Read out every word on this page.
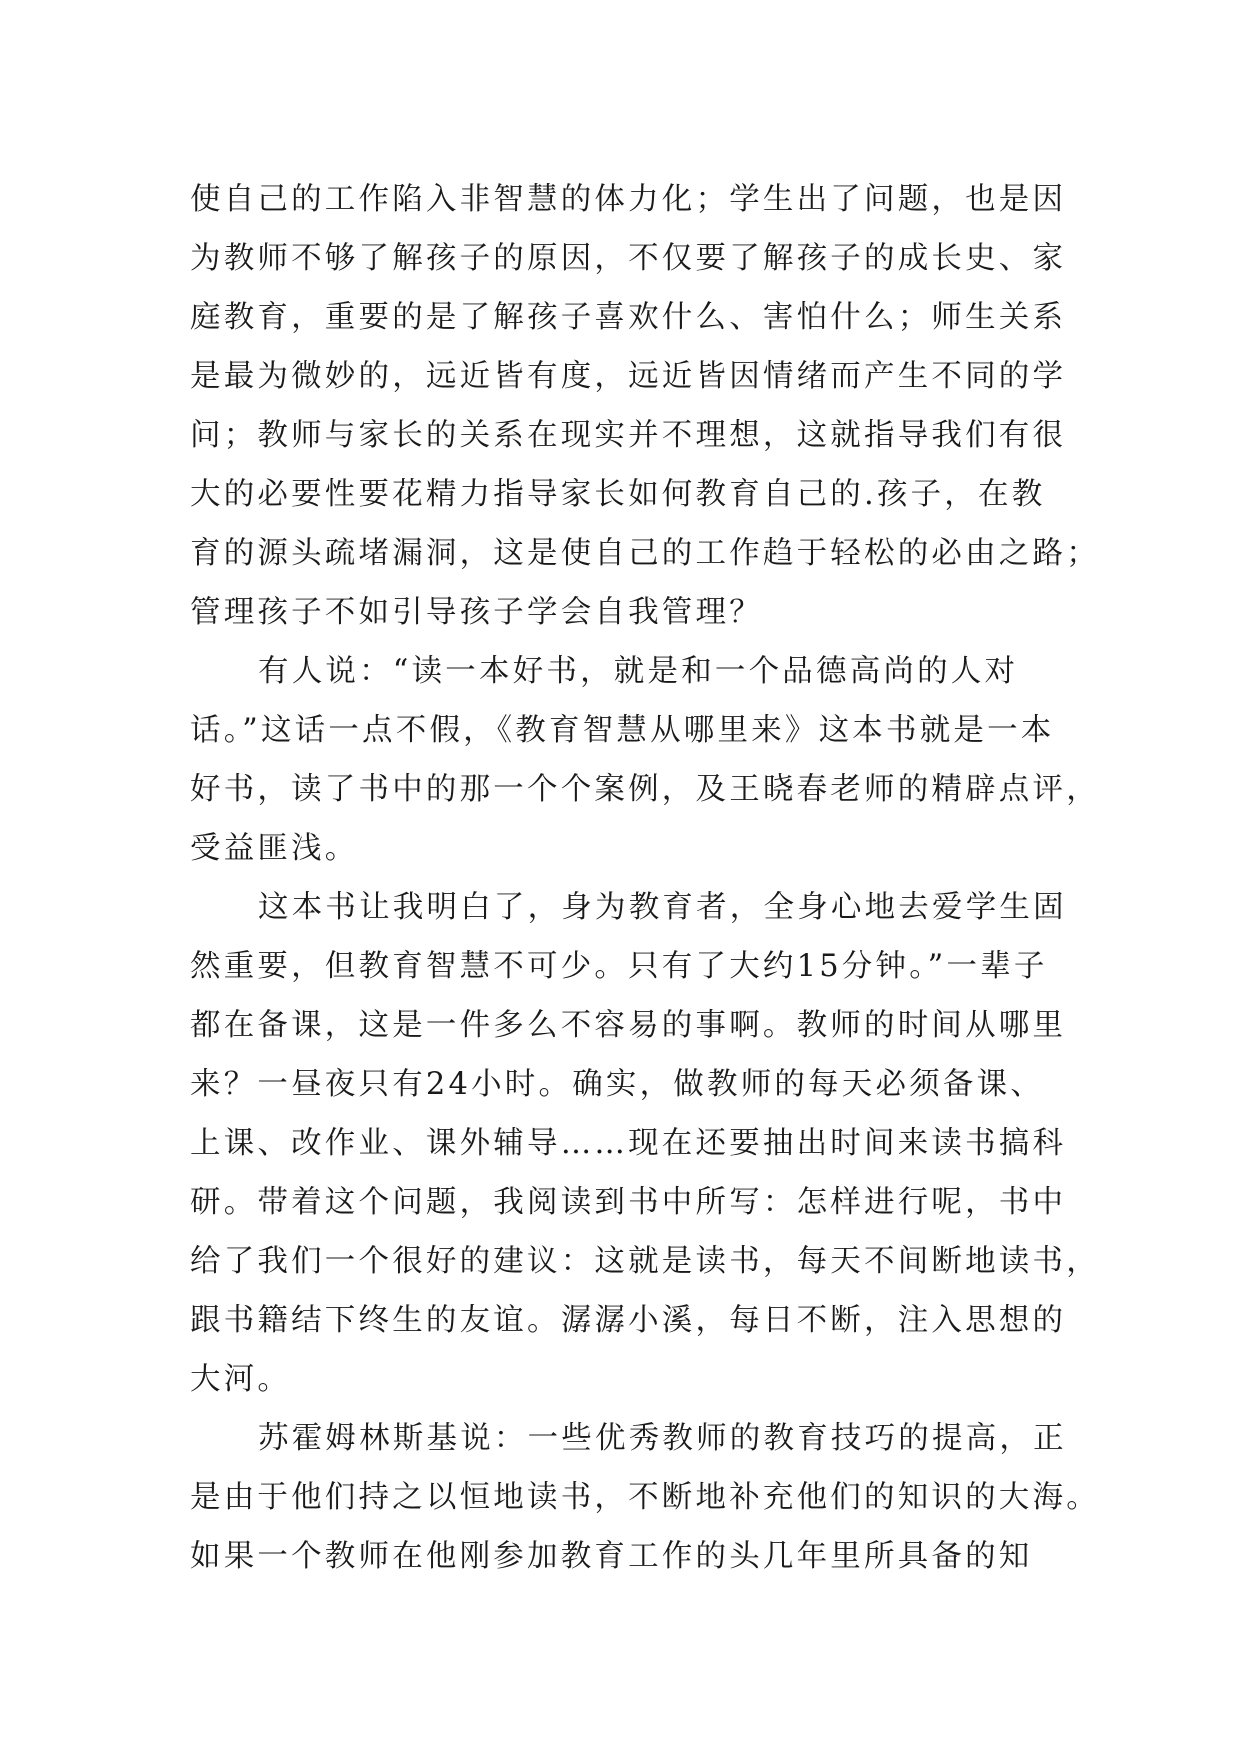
使自己的工作陷入非智慧的体力化；学生出了问题，也是因
为教师不够了解孩子的原因，不仅要了解孩子的成长史、家
庭教育，重要的是了解孩子喜欢什么、害怕什么；师生关系
是最为微妙的，远近皆有度，远近皆因情绪而产生不同的学
问；教师与家长的关系在现实并不理想，这就指导我们有很
大的必要性要花精力指导家长如何教育自己的.孩子，在教
育的源头疏堵漏洞，这是使自己的工作趋于轻松的必由之路；
管理孩子不如引导孩子学会自我管理？
有人说：“读一本好书，就是和一个品德高尚的人对
话。”这话一点不假，《教育智慧从哪里来》这本书就是一本
好书，读了书中的那一个个案例，及王晓春老师的精辟点评，
受益匪浅。
这本书让我明白了，身为教育者，全身心地去爱学生固
然重要，但教育智慧不可少。只有了大约15分钟。”一辈子
都在备课，这是一件多么不容易的事啊。教师的时间从哪里
来？一昼夜只有24小时。确实，做教师的每天必须备课、
上课、改作业、课外辅导……现在还要抽出时间来读书搞科
研。带着这个问题，我阅读到书中所写：怎样进行呢，书中
给了我们一个很好的建议：这就是读书，每天不间断地读书，
跟书籍结下终生的友谊。潺潺小溪，每日不断，注入思想的
大河。
苏霍姆林斯基说：一些优秀教师的教育技巧的提高，正
是由于他们持之以恒地读书，不断地补充他们的知识的大海。
如果一个教师在他刚参加教育工作的头几年里所具备的知
